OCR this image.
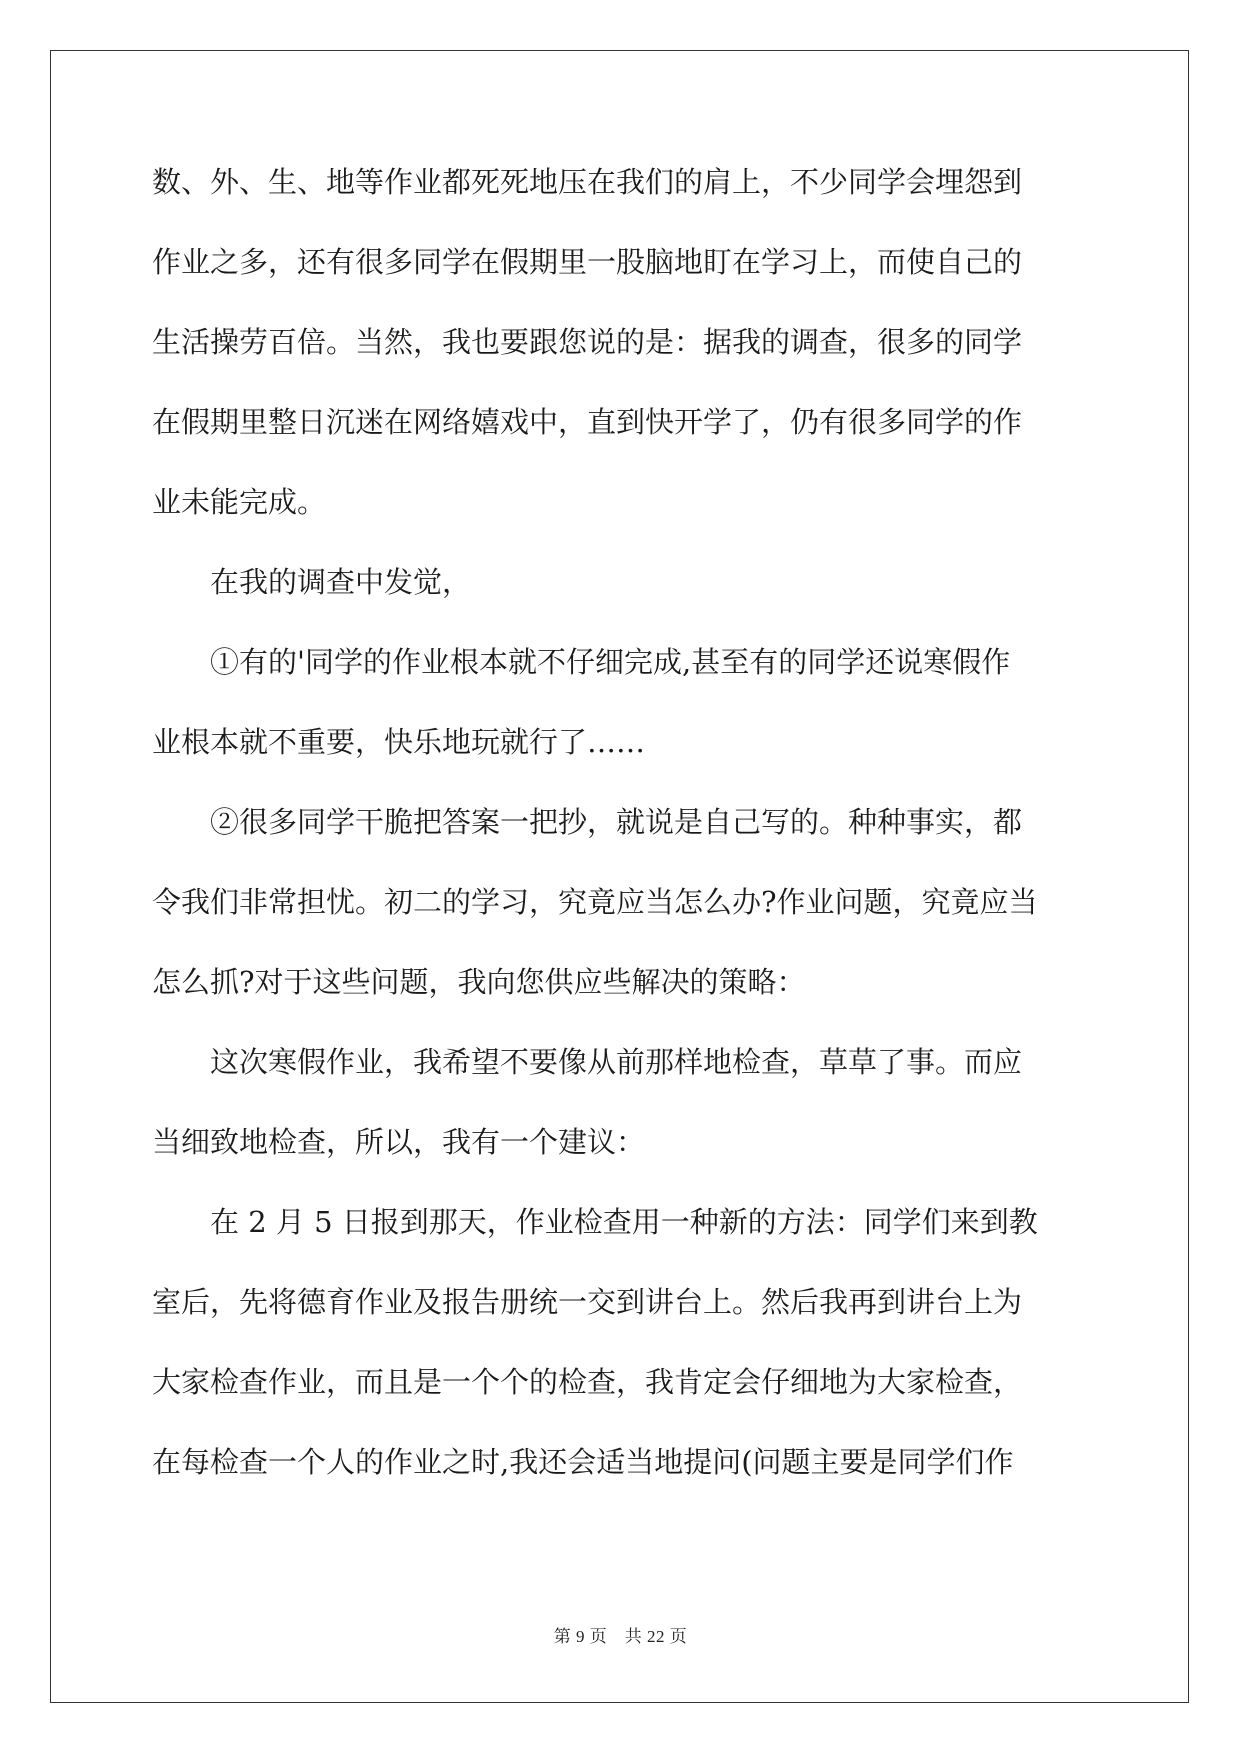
数、外、生、地等作业都死死地压在我们的肩上，不少同学会埋怨到
作业之多，还有很多同学在假期里一股脑地盯在学习上，而使自己的
生活操劳百倍。当然，我也要跟您说的是：据我的调查，很多的同学
在假期里整日沉迷在网络嬉戏中，直到快开学了，仍有很多同学的作
业未能完成。
在我的调查中发觉，
①有的'同学的作业根本就不仔细完成,甚至有的同学还说寒假作
业根本就不重要，快乐地玩就行了……
②很多同学干脆把答案一把抄，就说是自己写的。种种事实，都
令我们非常担忧。初二的学习，究竟应当怎么办?作业问题，究竟应当
怎么抓?对于这些问题，我向您供应些解决的策略：
这次寒假作业，我希望不要像从前那样地检查，草草了事。而应
当细致地检查，所以，我有一个建议：
在 2 月 5 日报到那天，作业检查用一种新的方法：同学们来到教
室后，先将德育作业及报告册统一交到讲台上。然后我再到讲台上为
大家检查作业，而且是一个个的检查，我肯定会仔细地为大家检查，
在每检查一个人的作业之时,我还会适当地提问(问题主要是同学们作
第 9 页　共 22 页
